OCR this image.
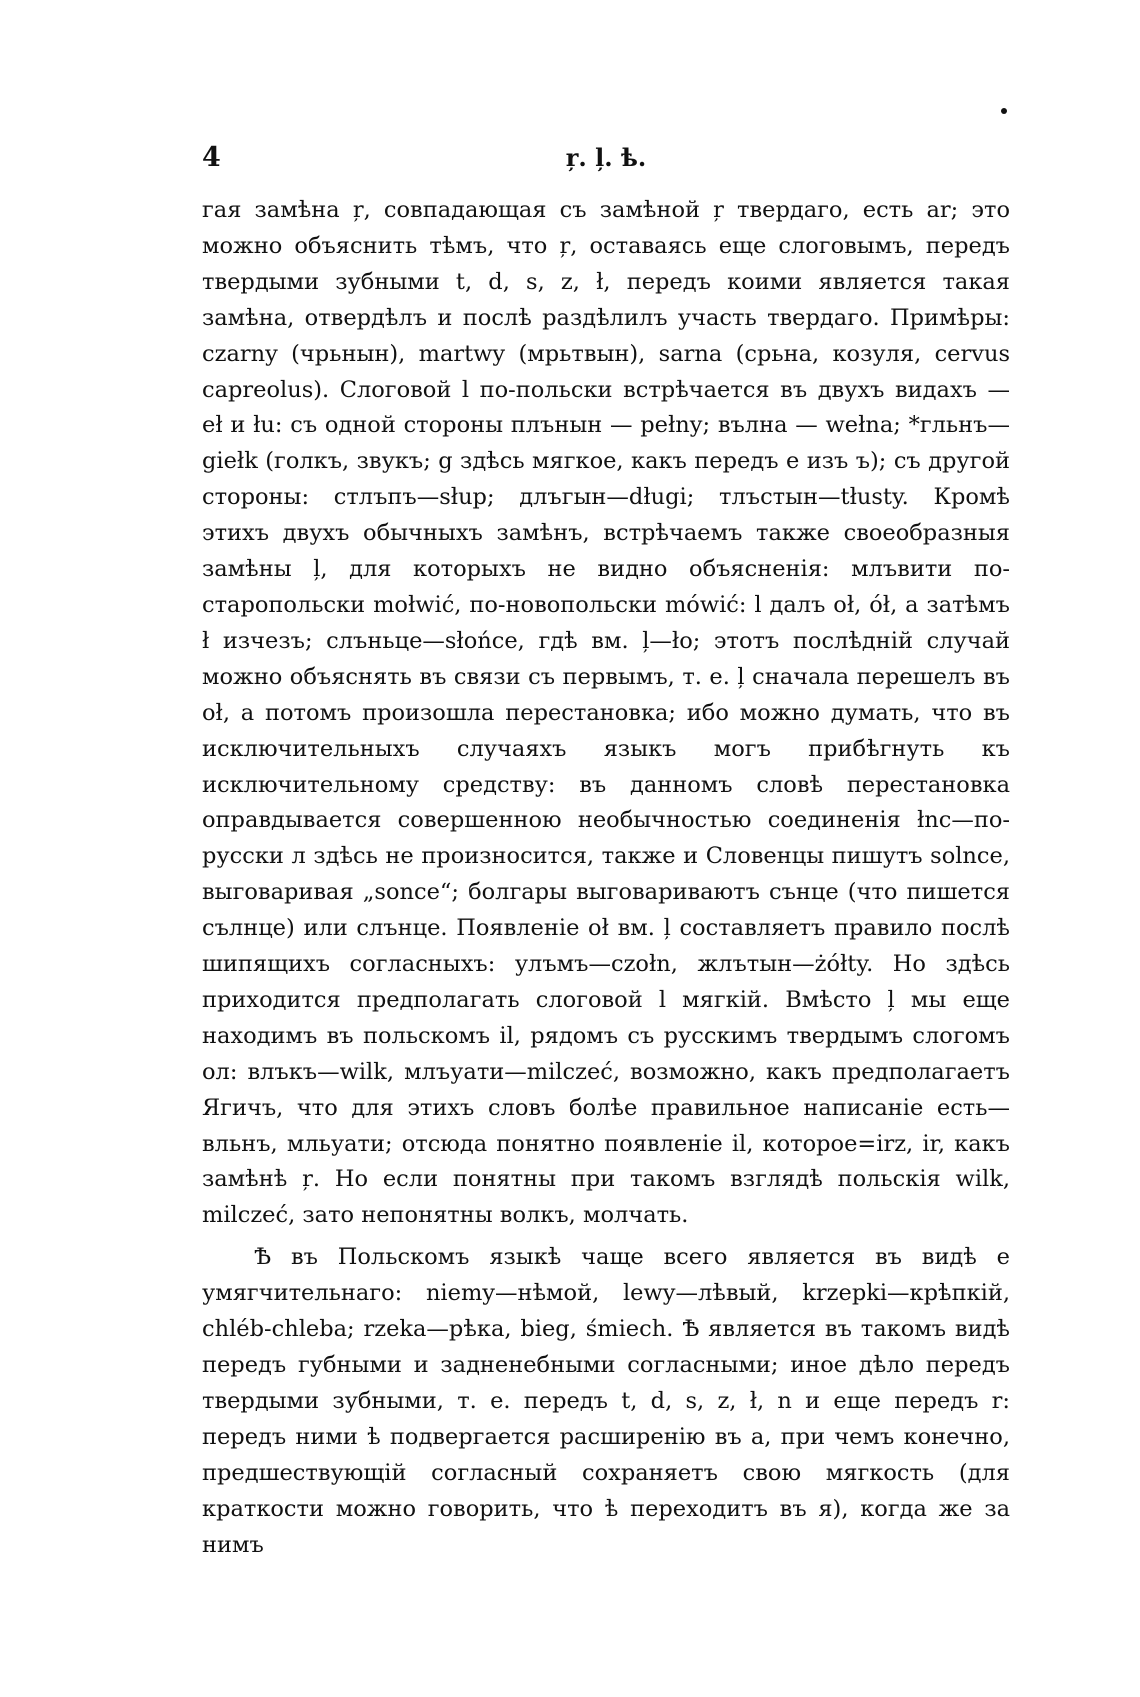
4	ŗ. ļ. ѣ.

гая замѣна ŗ, совпадающая съ замѣной ŗ твердаго, есть ar; это можно объяснить тѣмъ, что ŗ, оставаясь еще слоговымъ, передъ твердыми зубными t, d, s, z, ł, передъ коими является такая замѣна, отвердѣлъ и послѣ раздѣлилъ участь твердаго. Примѣры: czarny (чрьнын), martwy (мрьтвын), sarna (срьна, козуля, cervus capreolus). Слоговой l по-польски встрѣчается въ двухъ видахъ — eł и łu: съ одной стороны плънын — pełny; вълна — wełna; *гльнъ—giełk (голкъ, звукъ; g здѣсь мягкое, какъ передъ e изъ ъ); съ другой стороны: стлъпъ—słup; длъгын—długi; тлъстын—tłusty. Кромѣ этихъ двухъ обычныхъ замѣнъ, встрѣчаемъ также своеобразныя замѣны ļ, для которыхъ не видно объясненія: млъвити по-старопольски mołwić, по-новопольски mówić: l далъ oł, ół, а затѣмъ ł изчезъ; слъньце—słońce, гдѣ вм. ļ—ło; этотъ послѣдній случай можно объяснять въ связи съ первымъ, т. е. ļ сначала перешелъ въ oł, а потомъ произошла перестановка; ибо можно думать, что въ исключительныхъ случаяхъ языкъ могъ прибѣгнуть къ исключительному средству: въ данномъ словѣ перестановка оправдывается совершенною необычностью соединенія łnc—по-русски л здѣсь не произносится, также и Словенцы пишутъ solnce, выговаривая „sonce“; болгары выговариваютъ сънце (что пишется сълнце) или слънце. Появленіе oł вм. ļ составляетъ правило послѣ шипящихъ согласныхъ: улъмъ—czołn, жлътын—żółty. Но здѣсь приходится предполагать слоговой l мягкій. Вмѣсто ļ мы еще находимъ въ польскомъ il, рядомъ съ русскимъ твердымъ слогомъ ол: влъкъ—wilk, млъуати—milczeć, возможно, какъ предполагаетъ Ягичъ, что для этихъ словъ болѣе правильное написаніе есть—вльнъ, мльуати; отсюда понятно появленіе il, которое=irz, ir, какъ замѣнѣ ŗ. Но если понятны при такомъ взглядѣ польскія wilk, milczeć, зато непонятны волкъ, молчать.

Ѣ въ Польскомъ языкѣ чаще всего является въ видѣ e умягчительнаго: niemy—нѣмой, lewy—лѣвый, krzepki—крѣпкій, chléb-chleba; rzeka—рѣка, bieg, śmiech. Ѣ является въ такомъ видѣ передъ губными и задненебными согласными; иное дѣло передъ твердыми зубными, т. е. передъ t, d, s, z, ł, n и еще передъ r: передъ ними ѣ подвергается расширенію въ a, при чемъ конечно, предшествующій согласный сохраняетъ свою мягкость (для краткости можно говорить, что ѣ переходитъ въ я), когда же за нимъ
